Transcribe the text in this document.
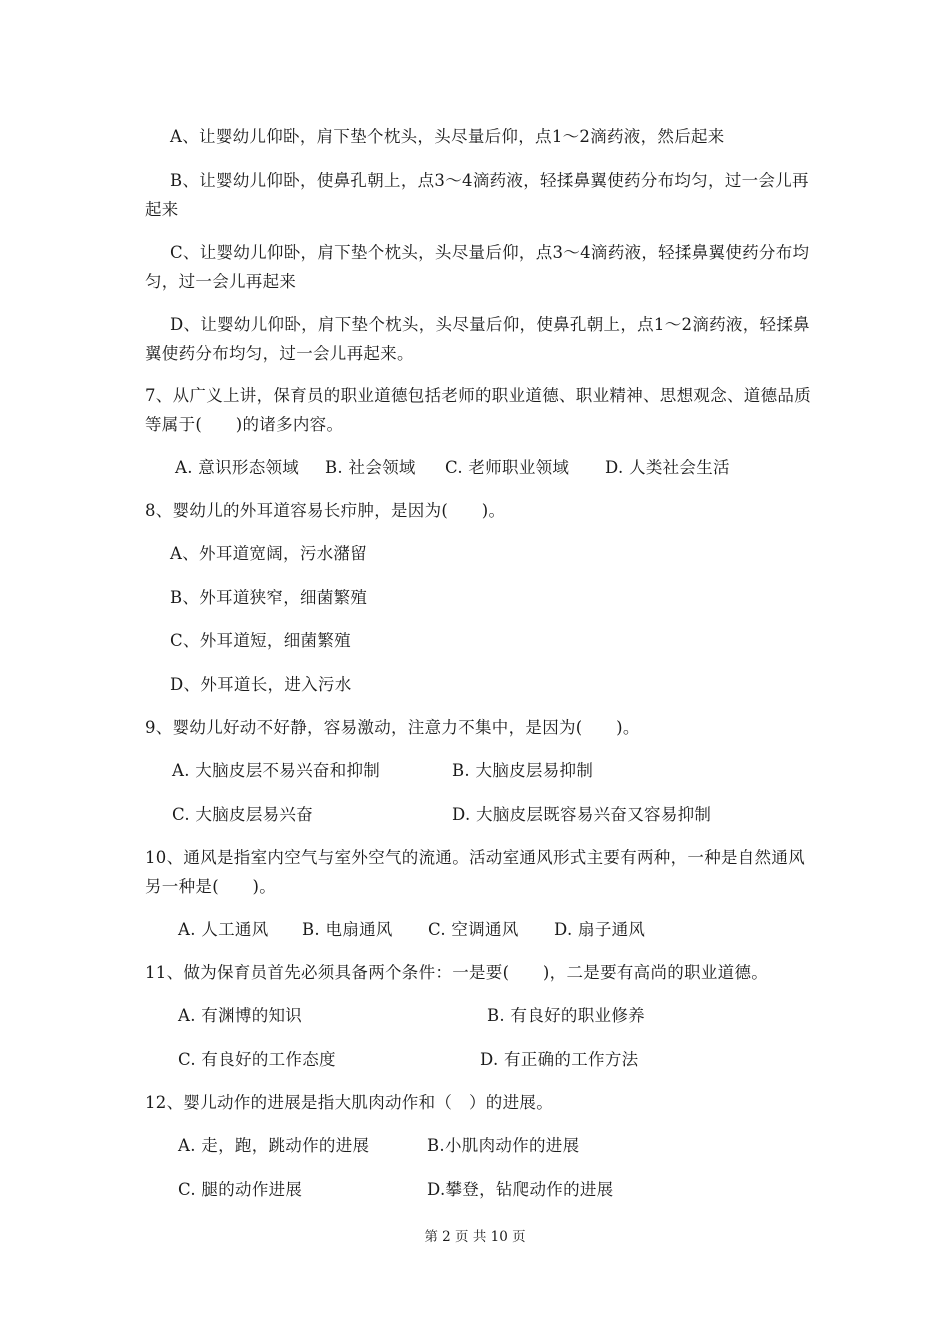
A、让婴幼儿仰卧，肩下垫个枕头，头尽量后仰，点1～2滴药液，然后起来
B、让婴幼儿仰卧，使鼻孔朝上，点3～4滴药液，轻揉鼻翼使药分布均匀，过一会儿再
起来
C、让婴幼儿仰卧，肩下垫个枕头，头尽量后仰，点3～4滴药液，轻揉鼻翼使药分布均
匀，过一会儿再起来
D、让婴幼儿仰卧，肩下垫个枕头，头尽量后仰，使鼻孔朝上，点1～2滴药液，轻揉鼻
翼使药分布均匀，过一会儿再起来。
7、从广义上讲，保育员的职业道德包括老师的职业道德、职业精神、思想观念、道德品质
等属于(　　)的诸多内容。
A. 意识形态领域 B. 社会领域 C. 老师职业领域 D. 人类社会生活
8、婴幼儿的外耳道容易长疖肿，是因为(　　)。
A、外耳道宽阔，污水潴留
B、外耳道狭窄，细菌繁殖
C、外耳道短，细菌繁殖
D、外耳道长，进入污水
9、婴幼儿好动不好静，容易激动，注意力不集中，是因为(　　)。
A. 大脑皮层不易兴奋和抑制	B. 大脑皮层易抑制
C. 大脑皮层易兴奋	D. 大脑皮层既容易兴奋又容易抑制
10、通风是指室内空气与室外空气的流通。活动室通风形式主要有两种，一种是自然通风
另一种是(　　)。
A. 人工通风 B. 电扇通风 C. 空调通风 D. 扇子通风
11、做为保育员首先必须具备两个条件：一是要(　　)，二是要有高尚的职业道德。
A. 有渊博的知识	B. 有良好的职业修养
C. 有良好的工作态度	D. 有正确的工作方法
12、婴儿动作的进展是指大肌肉动作和（　）的进展。
A. 走，跑，跳动作的进展	B.小肌肉动作的进展
C. 腿的动作进展	D.攀登，钻爬动作的进展
第 2 页 共 10 页
